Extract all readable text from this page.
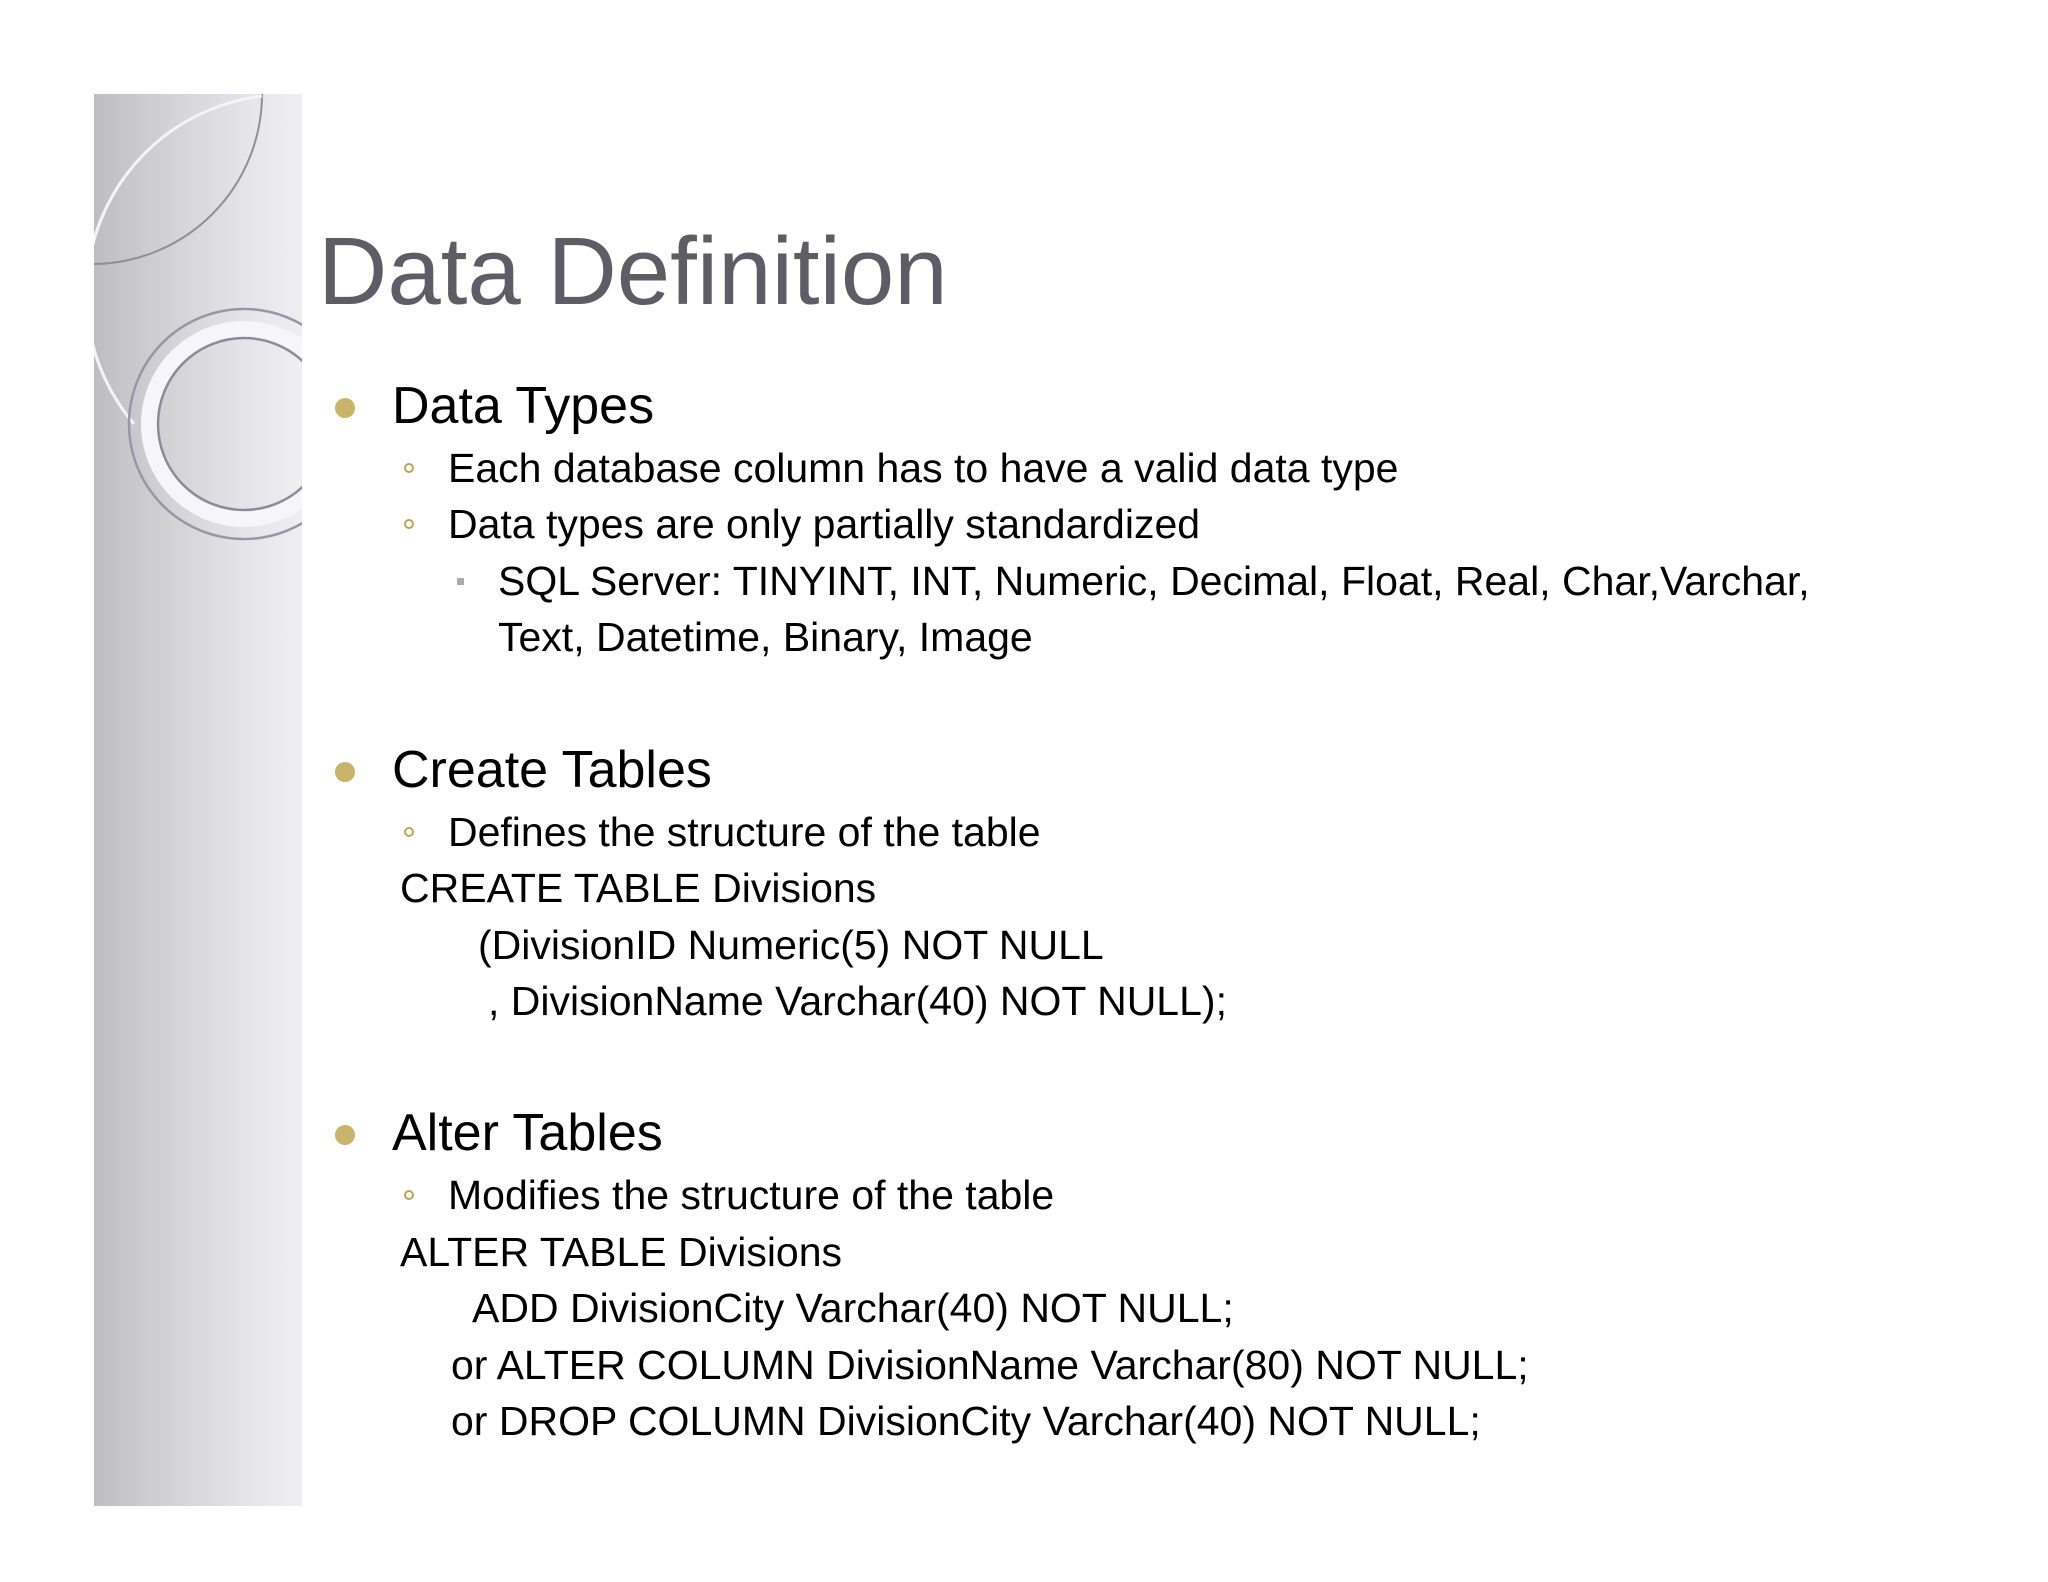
Data Definition

Data Types

Each database column has to have a valid data type

Data types are only partially standardized

SQL Server: TINYINT, INT, Numeric, Decimal, Float, Real, Char,Varchar,

Text, Datetime, Binary, Image

Create Tables

Defines the structure of the table

CREATE TABLE Divisions

(DivisionID Numeric(5) NOT NULL

, DivisionName Varchar(40) NOT NULL);

Alter Tables

Modifies the structure of the table

ALTER TABLE Divisions

ADD DivisionCity Varchar(40) NOT NULL;

or ALTER COLUMN DivisionName Varchar(80) NOT NULL;

or DROP COLUMN DivisionCity Varchar(40) NOT NULL;
